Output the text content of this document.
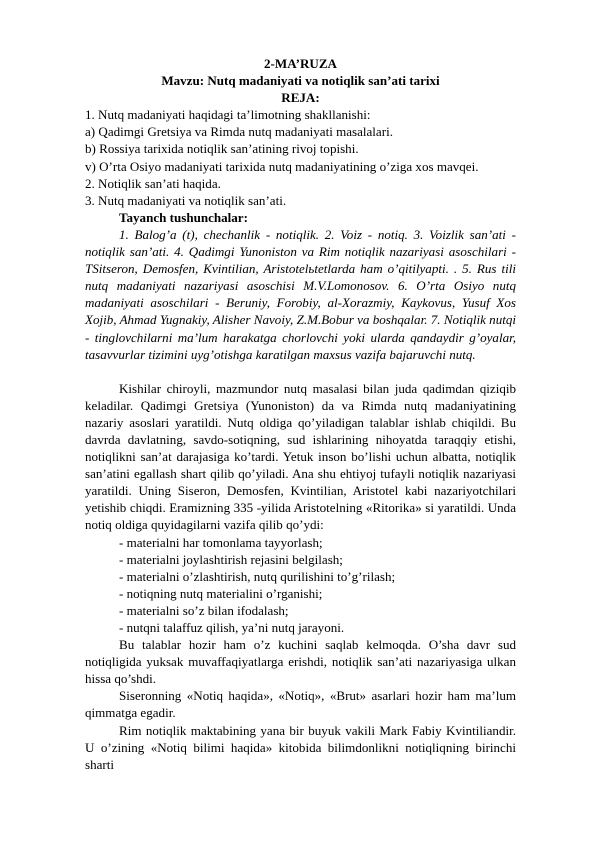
2-MA’RUZA
Mavzu: Nutq madaniyati va notiqlik san’ati tarixi
REJA:
1. Nutq madaniyati haqidagi ta’limotning shakllanishi:
a) Qadimgi Gretsiya va Rimda nutq madaniyati masalalari.
b) Rossiya tarixida notiqlik san’atining rivoj topishi.
v) O’rta Osiyo madaniyati tarixida nutq madaniyatining o’ziga xos mavqei.
2. Notiqlik san’ati haqida.
3. Nutq madaniyati va notiqlik san’ati.
Tayanch tushunchalar:
1. Balog’a (t), chechanlik - notiqlik. 2. Voiz - notiq. 3. Voizlik san’ati - notiqlik san’ati. 4. Qadimgi Yunoniston va Rim notiqlik nazariyasi asoschilari - TSitseron, Demosfen, Kvintilian, Aristotelьtetlarda ham o’qitilyapti. . 5. Rus tili nutq madaniyati nazariyasi asoschisi M.V.Lomonosov. 6. O’rta Osiyo nutq madaniyati asoschilari - Beruniy, Forobiy, al-Xorazmiy, Kaykovus, Yusuf Xos Xojib, Ahmad Yugnakiy, Alisher Navoiy, Z.M.Bobur va boshqalar. 7. Notiqlik nutqi - tinglovchilarni ma’lum harakatga chorlovchi yoki ularda qandaydir g’oyalar, tasavvurlar tizimini uyg’otishga karatilgan maxsus vazifa bajaruvchi nutq.
Kishilar chiroyli, mazmundor nutq masalasi bilan juda qadimdan qiziqib keladilar. Qadimgi Gretsiya (Yunoniston) da va Rimda nutq madaniyatining nazariy asoslari yaratildi. Nutq oldiga qo’yiladigan talablar ishlab chiqildi. Bu davrda davlatning, savdo-sotiqning, sud ishlarining nihoyatda taraqqiy etishi, notiqlikni san’at darajasiga ko’tardi. Yetuk inson bo’lishi uchun albatta, notiqlik san’atini egallash shart qilib qo’yiladi. Ana shu ehtiyoj tufayli notiqlik nazariyasi yaratildi. Uning Siseron, Demosfen, Kvintilian, Aristotel kabi nazariyotchilari yetishib chiqdi. Eramizning 335 -yilida Aristotelning «Ritorika» si yaratildi. Unda notiq oldiga quyidagilarni vazifa qilib qo’ydi:
- materialni har tomonlama tayyorlash;
- materialni joylashtirish rejasini belgilash;
- materialni o’zlashtirish, nutq qurilishini to’g’rilash;
- notiqning nutq materialini o’rganishi;
- materialni so’z bilan ifodalash;
- nutqni talaffuz qilish, ya’ni nutq jarayoni.
Bu talablar hozir ham o’z kuchini saqlab kelmoqda. O’sha davr sud notiqligida yuksak muvaffaqiyatlarga erishdi, notiqlik san’ati nazariyasiga ulkan hissa qo’shdi.
Siseronning «Notiq haqida», «Notiq», «Brut» asarlari hozir ham ma’lum qimmatga egadir.
Rim notiqlik maktabining yana bir buyuk vakili Mark Fabiy Kvintiliandir. U o’zining «Notiq bilimi haqida» kitobida bilimdonlikni notiqliqning birinchi sharti
